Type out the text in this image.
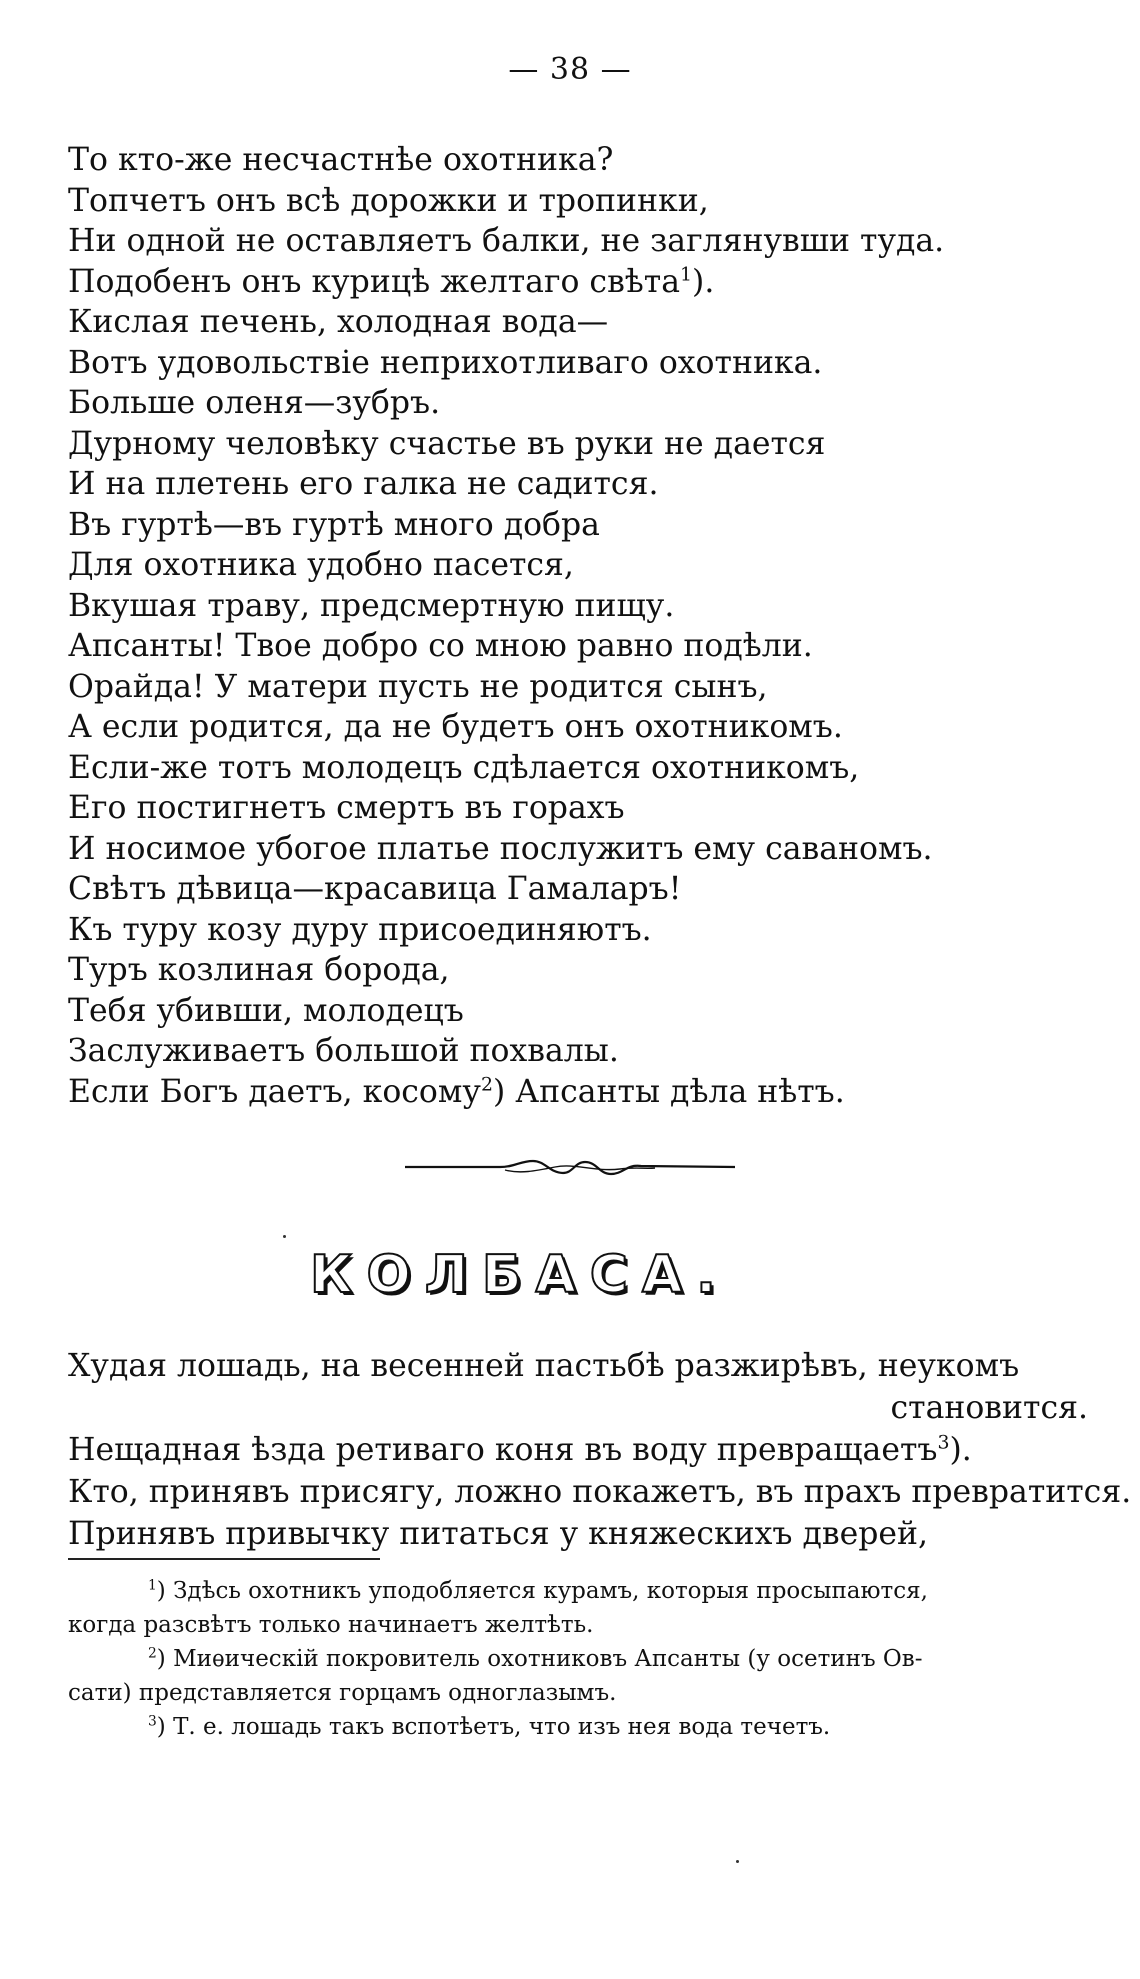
— 38 —
То кто-же несчастнѣе охотника?
Топчетъ онъ всѣ дорожки и тропинки,
Ни одной не оставляетъ балки, не заглянувши туда.
Подобенъ онъ курицѣ желтаго свѣта$^1$).
Кислая печень, холодная вода—
Вотъ удовольствіе неприхотливаго охотника.
Больше оленя—зубръ.
Дурному человѣку счастье въ руки не дается
И на плетень его галка не садится.
Въ гуртѣ—въ гуртѣ много добра
Для охотника удобно пасется,
Вкушая траву, предсмертную пищу.
Апсанты! Твое добро со мною равно подѣли.
Орайда! У матери пусть не родится сынъ,
А если родится, да не будетъ онъ охотникомъ.
Если-же тотъ молодецъ сдѣлается охотникомъ,
Его постигнетъ смертъ въ горахъ
И носимое убогое платье послужитъ ему саваномъ.
Свѣтъ дѣвица—красавица Гамаларъ!
Къ туру козу дуру присоединяютъ.
Туръ козлиная борода,
Тебя убивши, молодецъ
Заслуживаетъ большой похвалы.
Если Богъ даетъ, косому$^2$) Апсанты дѣла нѣтъ.
КОЛБАСА.
Худая лошадь, на весенней пастьбѣ разжирѣвъ, неукомъ
становится.
Нещадная ѣзда ретиваго коня въ воду превращаетъ$^3$).
Кто, принявъ присягу, ложно покажетъ, въ прахъ превратится.
Принявъ привычку питаться у княжескихъ дверей,
$^1$) Здѣсь охотникъ уподобляется курамъ, которыя просыпаются,
когда разсвѣтъ только начинаетъ желтѣть.
$^2$) Миѳическій покровитель охотниковъ Апсанты (у осетинъ Ов-
сати) представляется горцамъ одноглазымъ.
$^3$) Т. е. лошадь такъ вспотѣетъ, что изъ нея вода течетъ.
